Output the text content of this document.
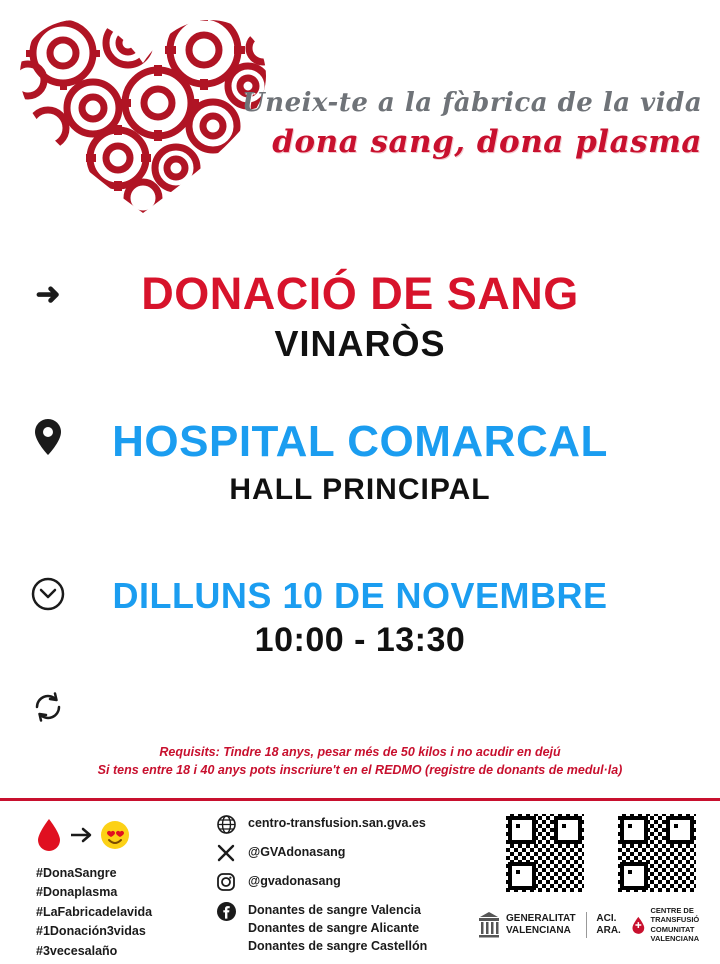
Uneix-te a la fàbrica de la vida
dona sang, dona plasma
➜	DONACIÓ DE SANG
VINARÒS
HOSPITAL COMARCAL
HALL PRINCIPAL
DILLUNS 10 DE NOVEMBRE
10:00 - 13:30
Requisits: Tindre 18 anys, pesar més de 50 kilos i no acudir en dejú
Si tens entre 18 i 40 anys pots inscriure't en el REDMO (registre de donants de medul·la)
#DonaSangre
#Donaplasma
#LaFabricadelavida
#1Donación3vidas
#3vecesalaño
centro-transfusion.san.gva.es
@GVAdonasang
@gvadonasang
Donantes de sangre Valencia
Donantes de sangre Alicante
Donantes de sangre Castellón
GENERALITAT
VALENCIANA
ACI.
ARA.
CENTRE DE TRANSFUSIÓ
COMUNITAT VALENCIANA
